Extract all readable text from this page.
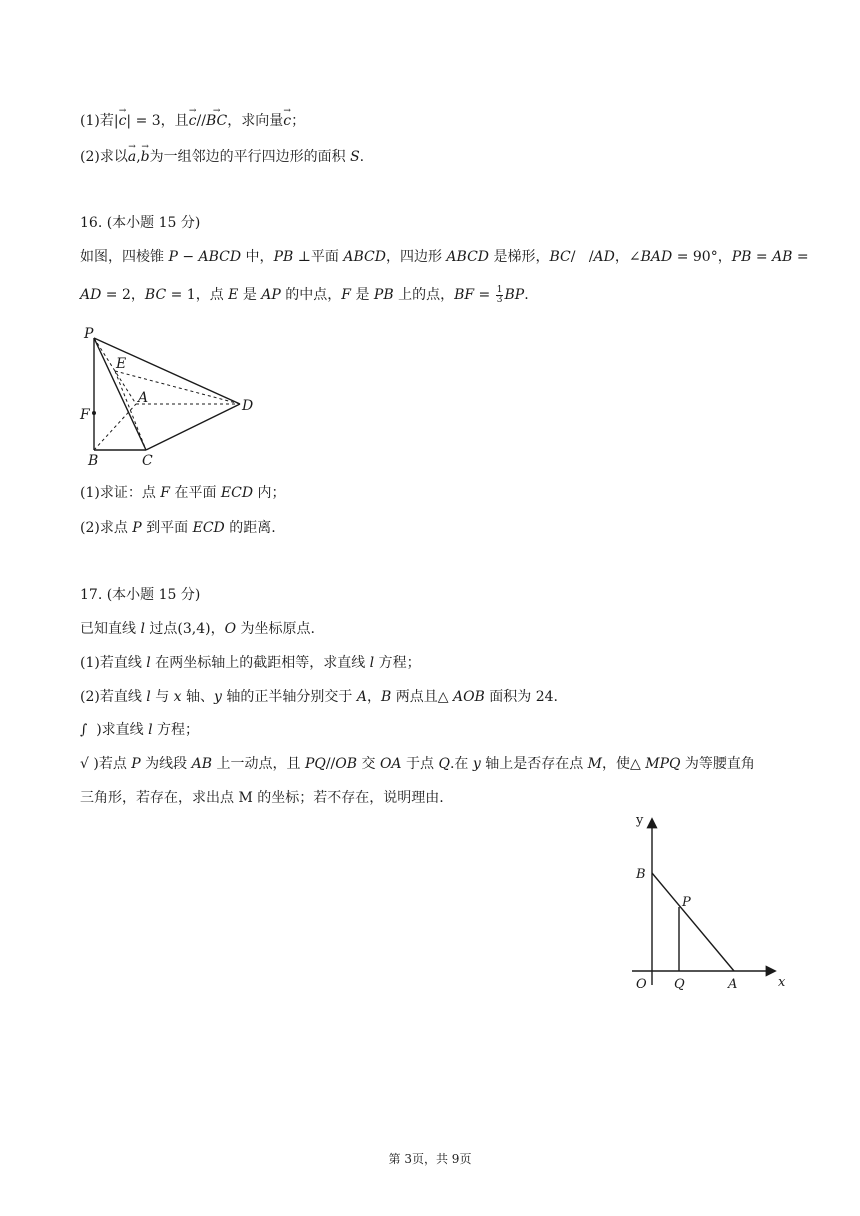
(1)若|→ c| = 3，且→ c//→ BC，求向量→ c；
(2)求以→ a,→ b为一组邻边的平行四边形的面积 S.
16. (本小题 15 分)
如图，四棱锥 P − ABCD 中，PB ⊥平面 ABCD，四边形 ABCD 是梯形，BC/   /AD，∠BAD = 90°，PB = AB =
AD = 2，BC = 1，点 E 是 AP 的中点，F 是 PB 上的点，BF = $\frac{1}{3}$ BP.
P
E
A	D
F
B	C
(1)求证：点 F 在平面 ECD 内；
(2)求点 P 到平面 ECD 的距离.
17. (本小题 15 分)
已知直线 l 过点(3,4)，O 为坐标原点.
(1)若直线 l 在两坐标轴上的截距相等，求直线 l 方程；
(2)若直线 l 与 x 轴、y 轴的正半轴分别交于 A，B 两点且△ AOB 面积为 24.
∫  )求直线 l 方程；
√ )若点 P 为线段 AB 上一动点，且 PQ//OB 交 OA 于点 Q.在 y 轴上是否存在点 M，使△ MPQ 为等腰直角
三角形，若存在，求出点 M 的坐标；若不存在，说明理由.
y
B
P
O Q	A	x
第 3页，共 9页
